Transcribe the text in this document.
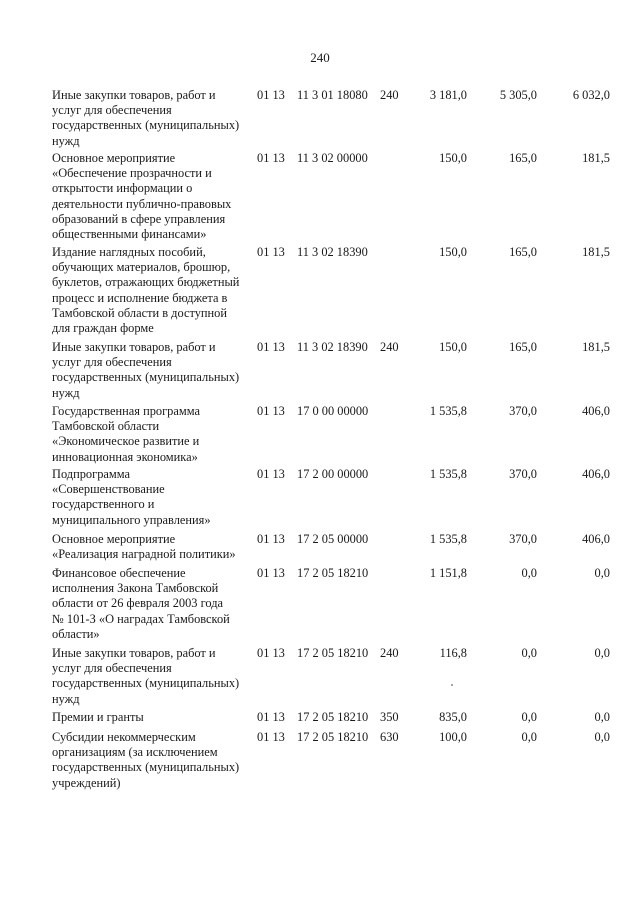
240
Иные закупки товаров, работ и
услуг для обеспечения
государственных (муниципальных)
нужд
01 13 11 3 01 18080 240	3 181,0	5 305,0	6 032,0
Основное мероприятие
«Обеспечение прозрачности и
открытости информации о
деятельности публично-правовых
образований в сфере управления
общественными финансами»
01 13 11 3 02 00000	150,0	165,0	181,5
Издание наглядных пособий,
обучающих материалов, брошюр,
буклетов, отражающих бюджетный
процесс и исполнение бюджета в
Тамбовской области в доступной
для граждан форме
01 13 11 3 02 18390	150,0	165,0	181,5
Иные закупки товаров, работ и
услуг для обеспечения
государственных (муниципальных)
нужд
01 13 11 3 02 18390 240	150,0	165,0	181,5
Государственная программа
Тамбовской области
«Экономическое развитие и
инновационная экономика»
01 13 17 0 00 00000	1 535,8	370,0	406,0
Подпрограмма
«Совершенствование
государственного и
муниципального управления»
01 13 17 2 00 00000	1 535,8	370,0	406,0
Основное мероприятие
«Реализация наградной политики»
01 13 17 2 05 00000	1 535,8	370,0	406,0
Финансовое обеспечение
исполнения Закона Тамбовской
области от 26 февраля 2003 года
№ 101-З «О наградах Тамбовской
области»
01 13 17 2 05 18210	1 151,8	0,0	0,0
Иные закупки товаров, работ и
услуг для обеспечения
государственных (муниципальных)
нужд
01 13 17 2 05 18210 240	116,8	0,0	0,0
Премии и гранты	01 13 17 2 05 18210 350	835,0	0,0	0,0
Субсидии некоммерческим
организациям (за исключением
государственных (муниципальных)
учреждений)
01 13 17 2 05 18210 630	100,0	0,0	0,0
